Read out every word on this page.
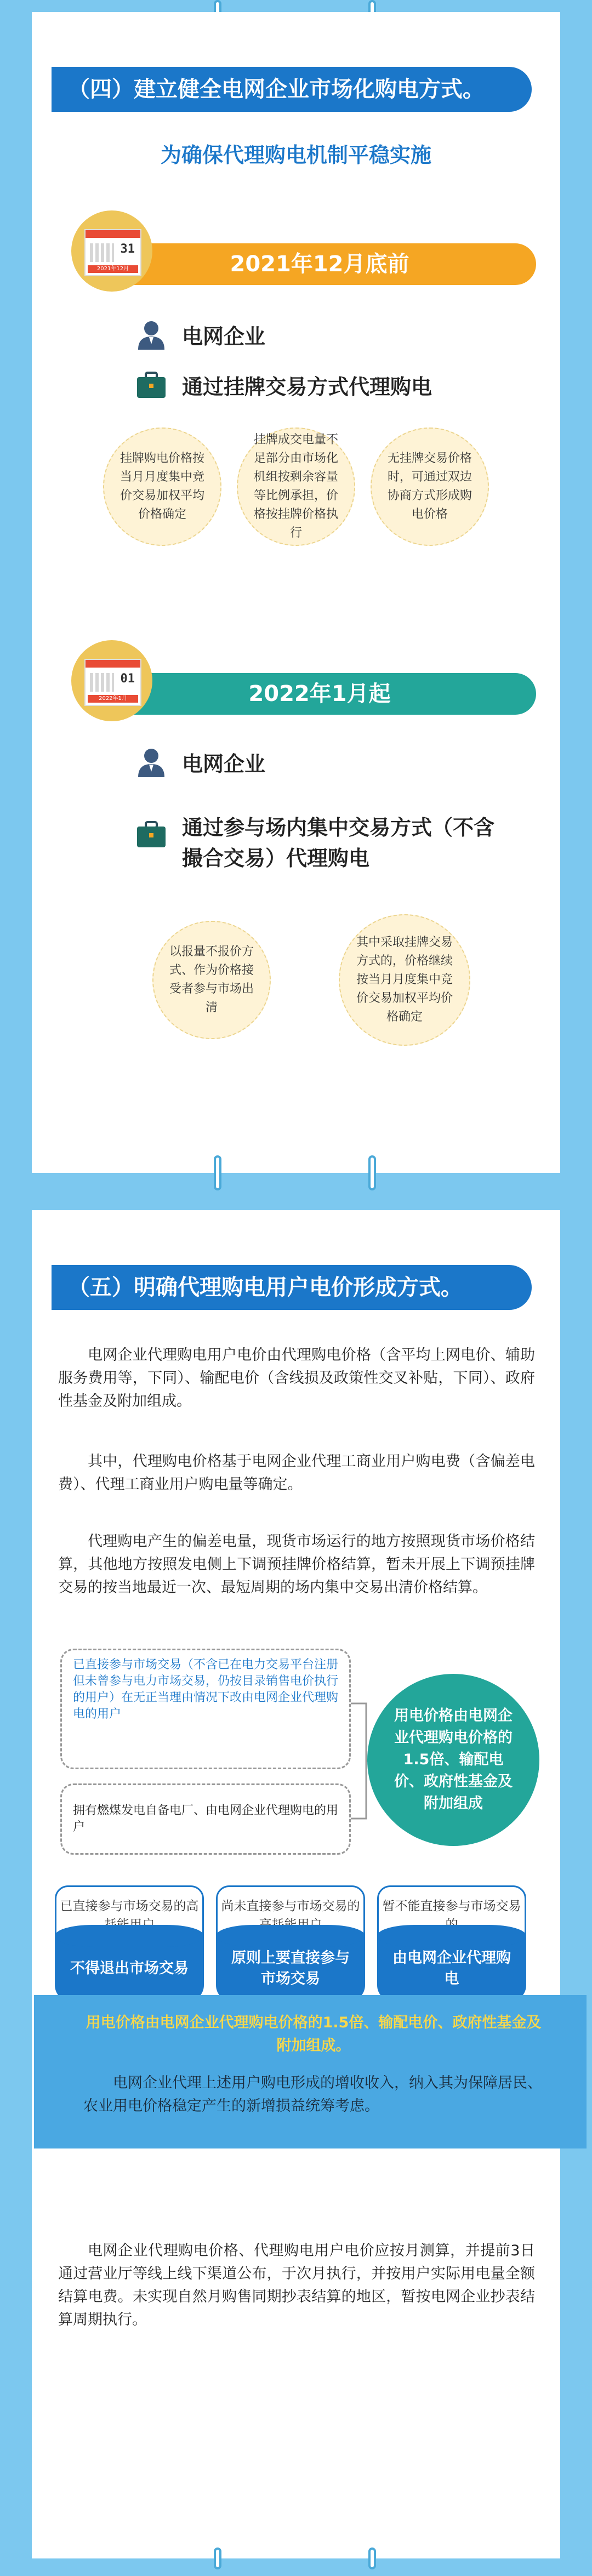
（四）建立健全电网企业市场化购电方式。
为确保代理购电机制平稳实施
2021年12月底前
31
2021年12月
电网企业
通过挂牌交易方式代理购电
挂牌购电价格按当月月度集中竞价交易加权平均价格确定
挂牌成交电量不足部分由市场化机组按剩余容量等比例承担，价格按挂牌价格执行
无挂牌交易价格时，可通过双边协商方式形成购电价格
2022年1月起
01
2022年1月
电网企业
通过参与场内集中交易方式（不含
撮合交易）代理购电
以报量不报价方式、作为价格接受者参与市场出清
其中采取挂牌交易方式的，价格继续按当月月度集中竞价交易加权平均价格确定
（五）明确代理购电用户电价形成方式。
电网企业代理购电用户电价由代理购电价格（含平均上网电价、辅助服务费用等，下同）、输配电价（含线损及政策性交叉补贴，下同）、政府性基金及附加组成。
其中，代理购电价格基于电网企业代理工商业用户购电费（含偏差电费）、代理工商业用户购电量等确定。
代理购电产生的偏差电量，现货市场运行的地方按照现货市场价格结算，其他地方按照发电侧上下调预挂牌价格结算，暂未开展上下调预挂牌交易的按当地最近一次、最短周期的场内集中交易出清价格结算。
已直接参与市场交易（不含已在电力交易平台注册但未曾参与电力市场交易，仍按目录销售电价执行的用户）在无正当理由情况下改由电网企业代理购电的用户
拥有燃煤发电自备电厂、由电网企业代理购电的用户
用电价格由电网企业代理购电价格的1.5倍、输配电价、政府性基金及附加组成
已直接参与市场交易的高
不得退出市场交易
尚未直接参与市场交易的
原则上要直接参与市场交易
暂不能直接参与市场交易
由电网企业代理购电
电网企业代理购电价格、代理购电用户电价应按月测算，并提前3日通过营业厅等线上线下渠道公布，于次月执行，并按用户实际用电量全额结算电费。未实现自然月购售同期抄表结算的地区，暂按电网企业抄表结算周期执行。
用电价格由电网企业代理购电价格的1.5倍、输配电价、政府性基金及附加组成。
电网企业代理上述用户购电形成的增收收入，纳入其为保障居民、农业用电价格稳定产生的新增损益统筹考虑。
